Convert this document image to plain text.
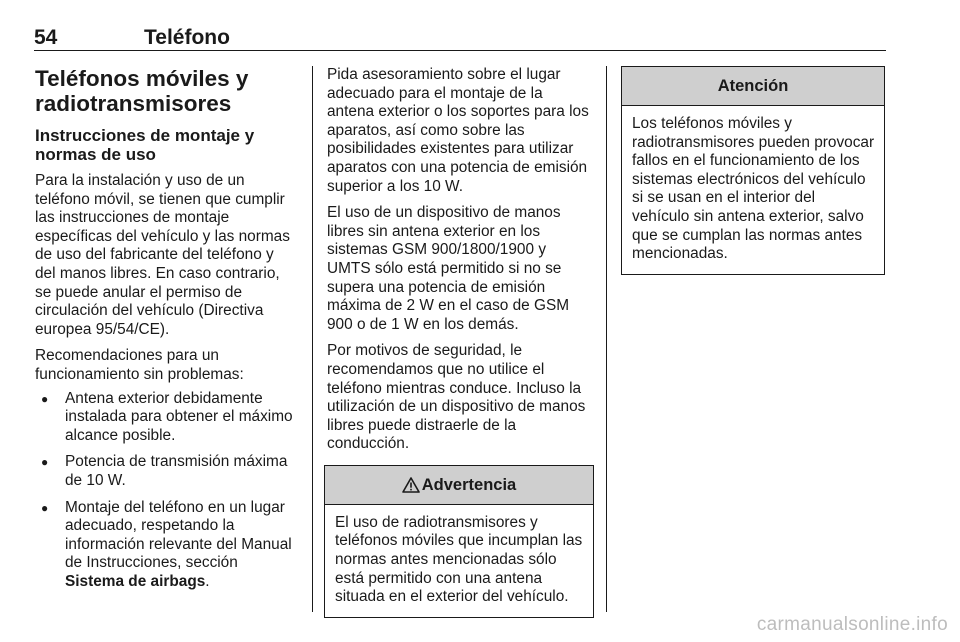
54	Teléfono
Teléfonos móviles y radiotransmisores
Instrucciones de montaje y normas de uso

Para la instalación y uso de un teléfono móvil, se tienen que cumplir las instrucciones de montaje específicas del vehículo y las normas de uso del fabricante del teléfono y del manos libres. En caso contrario, se puede anular el permiso de circulación del vehículo (Directiva europea 95/54/CE).

Recomendaciones para un funcionamiento sin problemas:

● Antena exterior debidamente instalada para obtener el máximo alcance posible.
● Potencia de transmisión máxima de 10 W.
● Montaje del teléfono en un lugar adecuado, respetando la información relevante del Manual de Instrucciones, sección Sistema de airbags.

Pida asesoramiento sobre el lugar adecuado para el montaje de la antena exterior o los soportes para los aparatos, así como sobre las posibilidades existentes para utilizar aparatos con una potencia de emisión superior a los 10 W.

El uso de un dispositivo de manos libres sin antena exterior en los sistemas GSM 900/1800/1900 y UMTS sólo está permitido si no se supera una potencia de emisión máxima de 2 W en el caso de GSM 900 o de 1 W en los demás.

Por motivos de seguridad, le recomendamos que no utilice el teléfono mientras conduce. Incluso la utilización de un dispositivo de manos libres puede distraerle de la conducción.

Advertencia
El uso de radiotransmisores y teléfonos móviles que incumplan las normas antes mencionadas sólo está permitido con una antena situada en el exterior del vehículo.
Atención
Los teléfonos móviles y radiotransmisores pueden provocar fallos en el funcionamiento de los sistemas electrónicos del vehículo si se usan en el interior del vehículo sin antena exterior, salvo que se cumplan las normas antes mencionadas.
carmanualsonline.info
